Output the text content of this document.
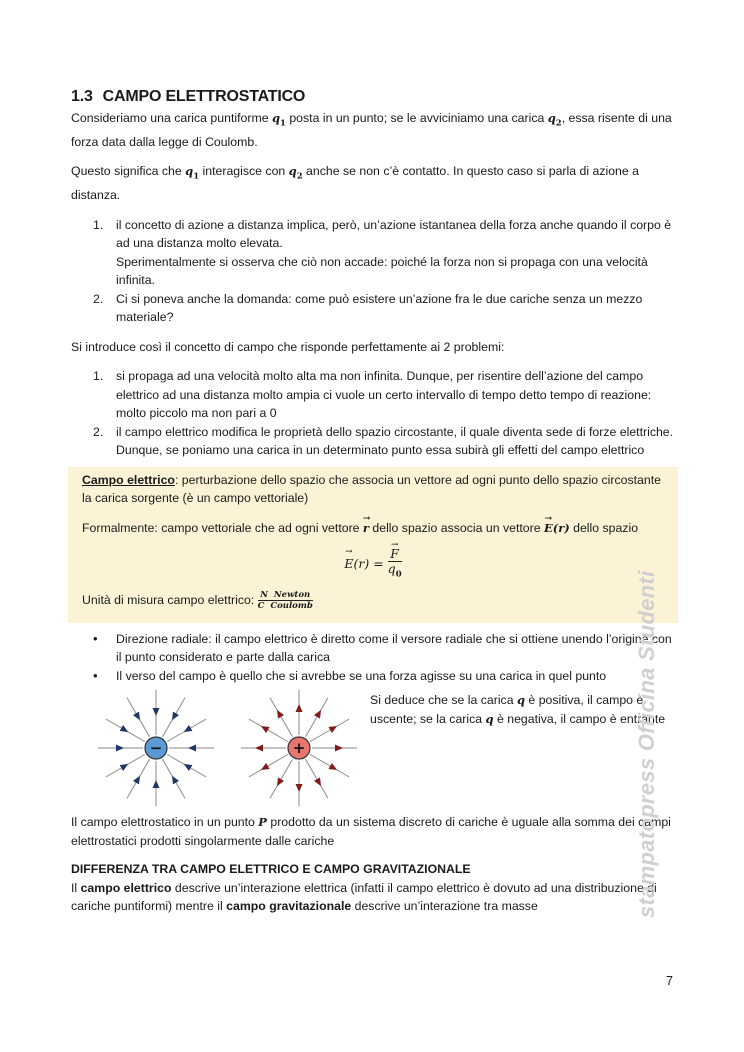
1.3 CAMPO ELETTROSTATICO

Consideriamo una carica puntiforme $q_1$ posta in un punto; se le avviciniamo una carica $q_2$, essa risente di una forza data dalla legge di Coulomb.

Questo significa che $q_1$ interagisce con $q_2$ anche se non c’è contatto. In questo caso si parla di azione a distanza.

1. il concetto di azione a distanza implica, però, un’azione istantanea della forza anche quando il corpo è ad una distanza molto elevata.
Sperimentalmente si osserva che ciò non accade: poiché la forza non si propaga con una velocità infinita.
2. Ci si poneva anche la domanda: come può esistere un’azione fra le due cariche senza un mezzo materiale?

Si introduce così il concetto di campo che risponde perfettamente ai 2 problemi:

1. si propaga ad una velocità molto alta ma non infinita. Dunque, per risentire dell’azione del campo elettrico ad una distanza molto ampia ci vuole un certo intervallo di tempo detto tempo di reazione: molto piccolo ma non pari a 0
2. il campo elettrico modifica le proprietà dello spazio circostante, il quale diventa sede di forze elettriche. Dunque, se poniamo una carica in un determinato punto essa subirà gli effetti del campo elettrico

Campo elettrico: perturbazione dello spazio che associa un vettore ad ogni punto dello spazio circostante la carica sorgente (è un campo vettoriale)

Formalmente: campo vettoriale che ad ogni vettore → r dello spazio associa un vettore → E(r) dello spazio

→ E(r) =
→ $\frac{F}{q_0}$

Unità di misura campo elettrico: $\frac{\text{N  Newton}}{\text{C  Coulomb}}$

• Direzione radiale: il campo elettrico è diretto come il versore radiale che si ottiene unendo l’origine con il punto considerato e parte dalla carica
• Il verso del campo è quello che si avrebbe se una forza agisse su una carica in quel punto
−	+
Si deduce che se la carica q è positiva, il campo è uscente; se la carica q è negativa, il campo è entrante

Il campo elettrostatico in un punto P prodotto da un sistema discreto di cariche è uguale alla somma dei campi elettrostatici prodotti singolarmente dalle cariche

DIFFERENZA TRA CAMPO ELETTRICO E CAMPO GRAVITAZIONALE

Il campo elettrico descrive un’interazione elettrica (infatti il campo elettrico è dovuto ad una distribuzione di cariche puntiformi) mentre il campo gravitazionale descrive un’interazione tra masse	stampatopress Officina Studenti
7
